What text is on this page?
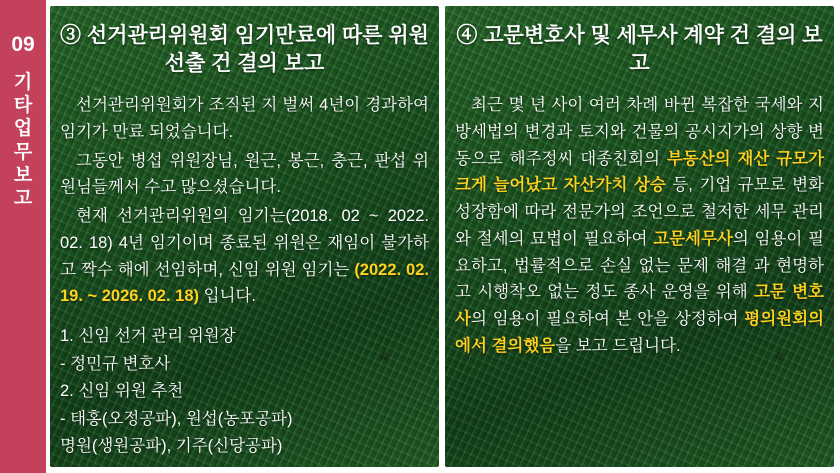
09
기타업무보고
③ 선거관리위원회 임기만료에 따른 위원 선출 건 결의 보고
선거관리위원회가 조직된 지 벌써 4년이 경과하여 임기가 만료 되었습니다.
그동안 병섭 위원장님, 원근, 봉근, 충근, 판섭 위원님들께서 수고 많으셨습니다.
현재 선거관리위원의 임기는(2018. 02 ~ 2022. 02. 18) 4년 임기이며 종료된 위원은 재임이 불가하고 짝수 해에 선임하며, 신임 위원 임기는 (2022. 02. 19. ~ 2026. 02. 18) 입니다.
1. 신임 선거 관리 위원장
- 정민규 변호사
2. 신임 위원 추천
- 태홍(오정공파), 원섭(농포공파)
명원(생원공파), 기주(신당공파)
④ 고문변호사 및 세무사 계약 건 결의 보고
최근 몇 년 사이 여러 차례 바뀐 복잡한 국세와 지방세법의 변경과 토지와 건물의 공시지가의 상향 변동으로 해주정씨 대종친회의 부동산의 재산 규모가 크게 늘어났고 자산가치 상승 등, 기업 규모로 변화 성장함에 따라 전문가의 조언으로 철저한 세무 관리와 절세의 묘법이 필요하여 고문세무사의 임용이 필요하고, 법률적으로 손실 없는 문제 해결 과 현명하고 시행착오 없는 정도 종사 운영을 위해 고문 변호사의 임용이 필요하여 본 안을 상정하여 평의원회의에서 결의했음을 보고 드립니다.
